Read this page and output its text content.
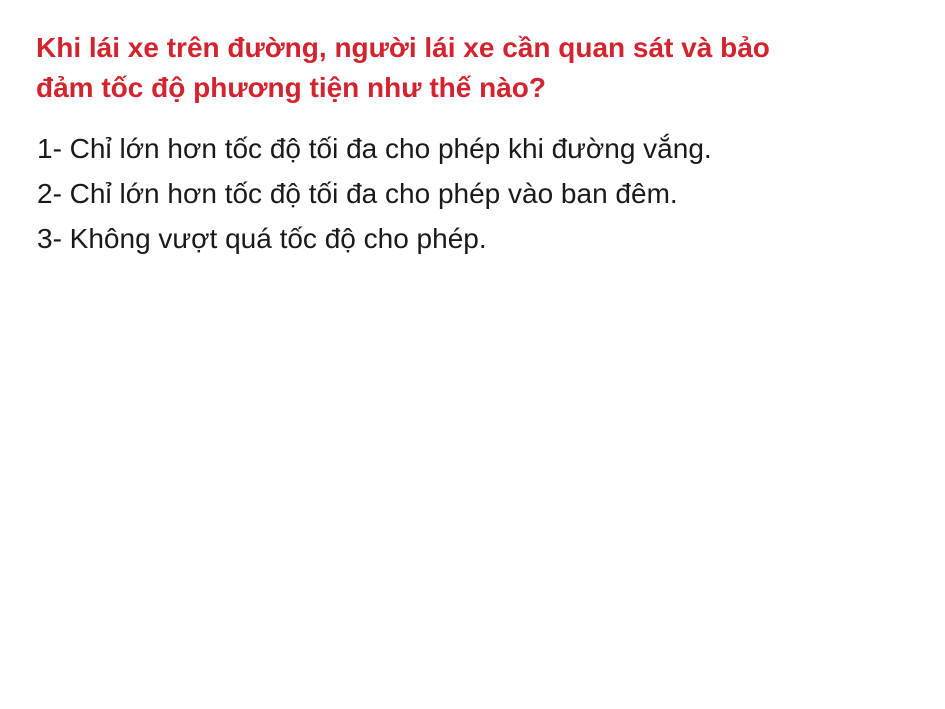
Khi lái xe trên đường, người lái xe cần quan sát và bảo
đảm tốc độ phương tiện như thế nào?
1- Chỉ lớn hơn tốc độ tối đa cho phép khi đường vắng.
2- Chỉ lớn hơn tốc độ tối đa cho phép vào ban đêm.
3- Không vượt quá tốc độ cho phép.
